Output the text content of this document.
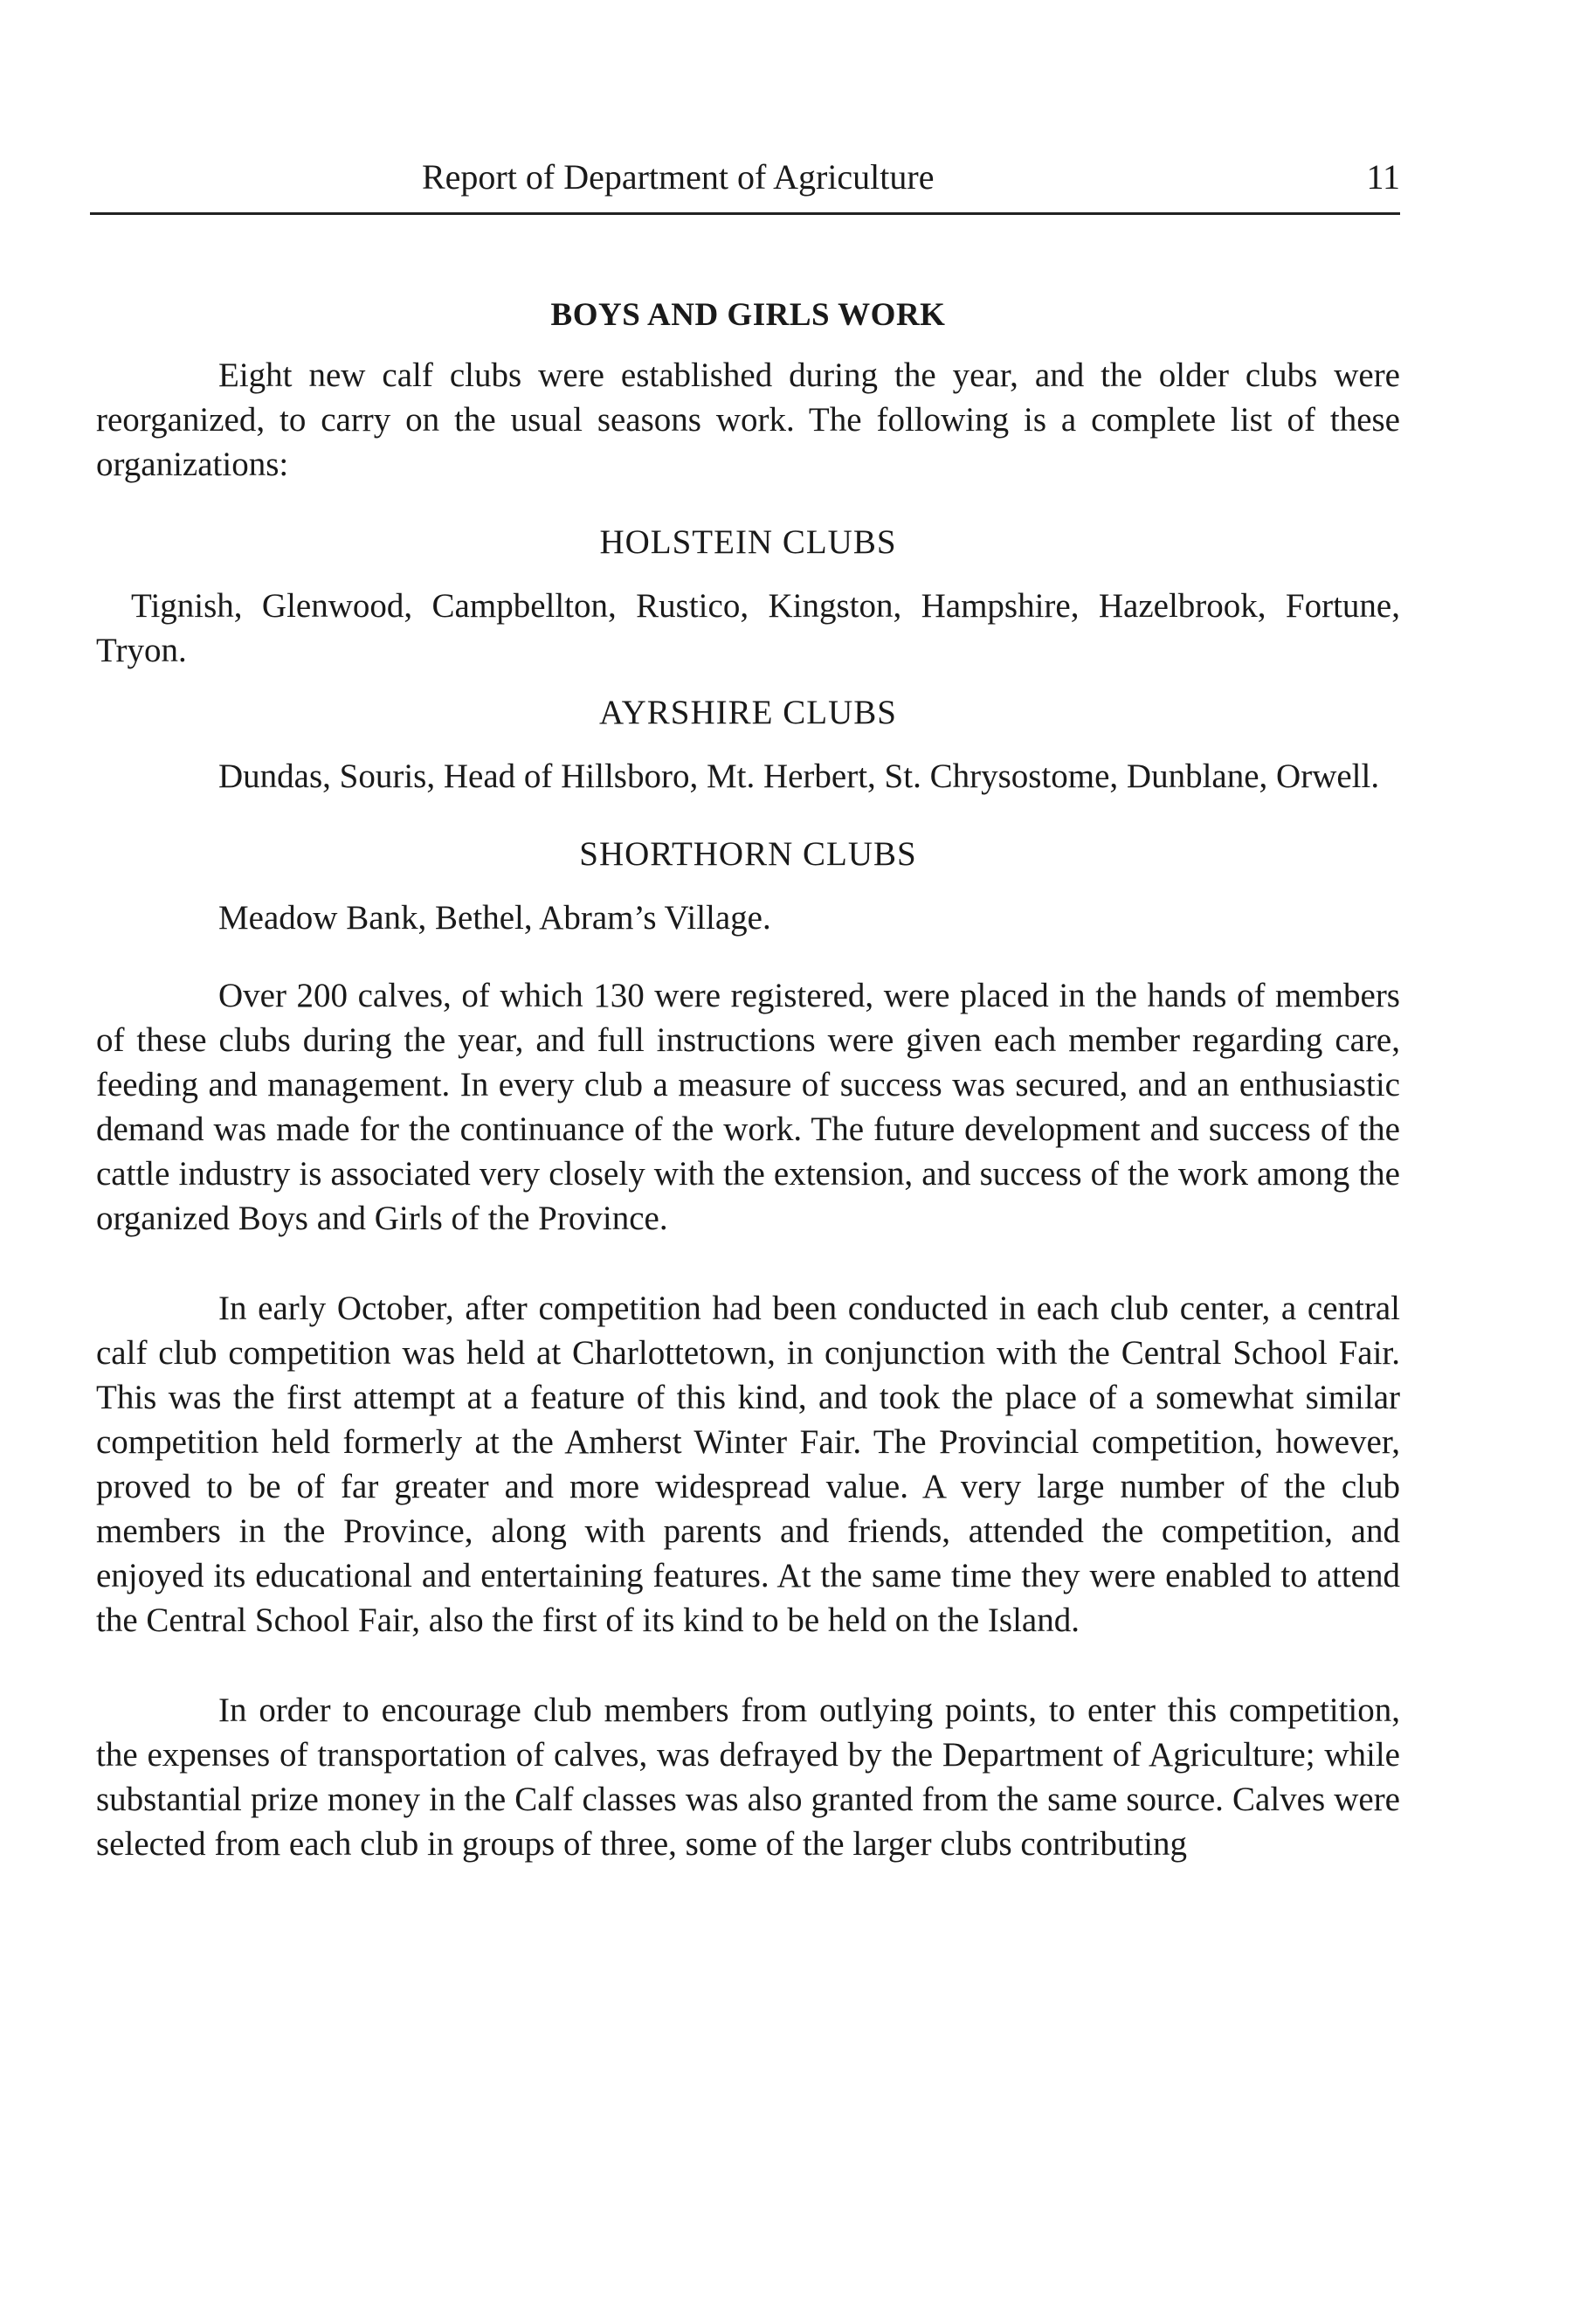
Report of Department of Agriculture	11
BOYS AND GIRLS WORK

Eight new calf clubs were established during the year, and the older clubs were reorganized, to carry on the usual seasons work. The following is a complete list of these organizations:

HOLSTEIN CLUBS

Tignish, Glenwood, Campbellton, Rustico, Kingston, Hampshire, Hazelbrook, Fortune, Tryon.

AYRSHIRE CLUBS

Dundas, Souris, Head of Hillsboro, Mt. Herbert, St. Chrysostome, Dunblane, Orwell.

SHORTHORN CLUBS

Meadow Bank, Bethel, Abram’s Village.

Over 200 calves, of which 130 were registered, were placed in the hands of members of these clubs during the year, and full instructions were given each member regarding care, feeding and management. In every club a measure of success was secured, and an enthusiastic demand was made for the continuance of the work. The future development and success of the cattle industry is associated very closely with the extension, and success of the work among the organized Boys and Girls of the Province.

In early October, after competition had been conducted in each club center, a central calf club competition was held at Charlottetown, in conjunction with the Central School Fair. This was the first attempt at a feature of this kind, and took the place of a somewhat similar competition held formerly at the Amherst Winter Fair. The Provincial competition, however, proved to be of far greater and more widespread value. A very large number of the club members in the Province, along with parents and friends, attended the competition, and enjoyed its educational and entertaining features. At the same time they were enabled to attend the Central School Fair, also the first of its kind to be held on the Island.

In order to encourage club members from outlying points, to enter this competition, the expenses of transportation of calves, was defrayed by the Department of Agriculture; while substantial prize money in the Calf classes was also granted from the same source. Calves were selected from each club in groups of three, some of the larger clubs contributing
